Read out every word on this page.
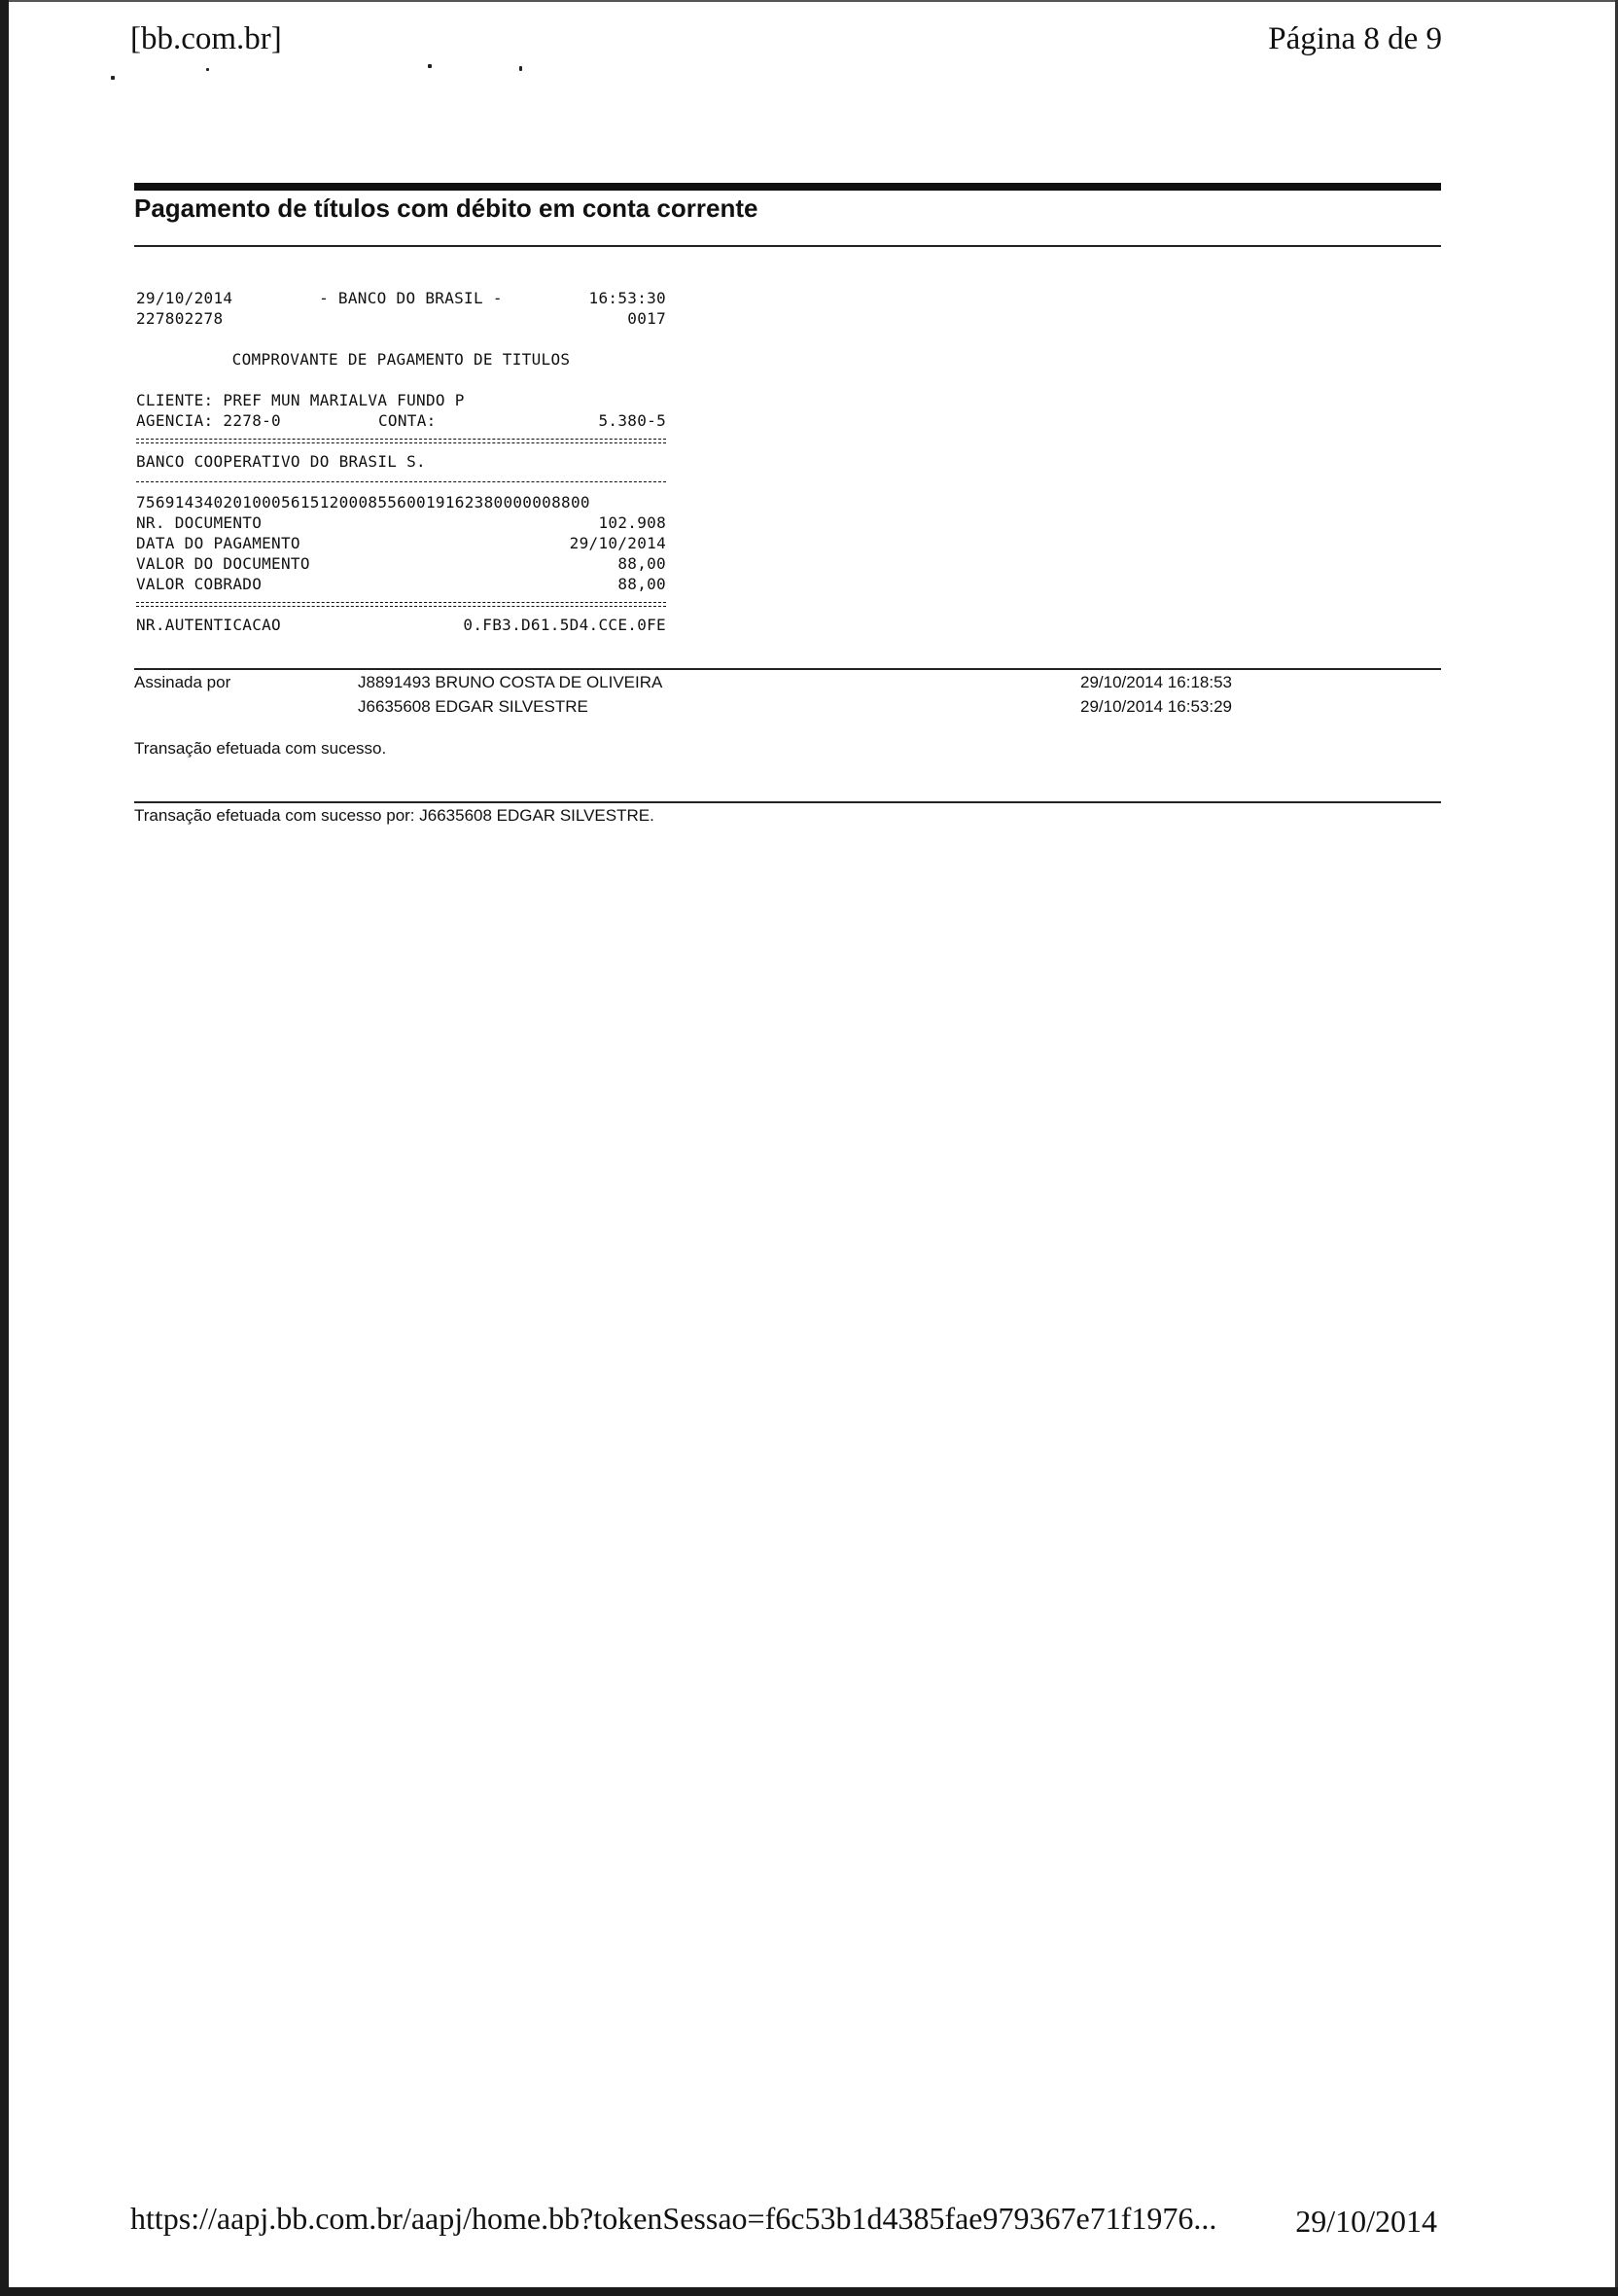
[bb.com.br]	Página 8 de 9
Pagamento de títulos com débito em conta corrente
29/10/2014	- BANCO DO BRASIL -	16:53:30
227802278	0017
COMPROVANTE DE PAGAMENTO DE TITULOS
CLIENTE: PREF MUN MARIALVA FUNDO P
AGENCIA: 2278-0	CONTA:	5.380-5
BANCO COOPERATIVO DO BRASIL S.
75691434020100056151200085560019162380000008800
NR. DOCUMENTO	102.908
DATA DO PAGAMENTO	29/10/2014
VALOR DO DOCUMENTO	88,00
VALOR COBRADO	88,00
NR.AUTENTICACAO	0.FB3.D61.5D4.CCE.0FE
Assinada por	J8891493 BRUNO COSTA DE OLIVEIRA	29/10/2014 16:18:53
J6635608 EDGAR SILVESTRE	29/10/2014 16:53:29
Transação efetuada com sucesso.
Transação efetuada com sucesso por: J6635608 EDGAR SILVESTRE.
https://aapj.bb.com.br/aapj/home.bb?tokenSessao=f6c53b1d4385fae979367e71f1976...	29/10/2014
